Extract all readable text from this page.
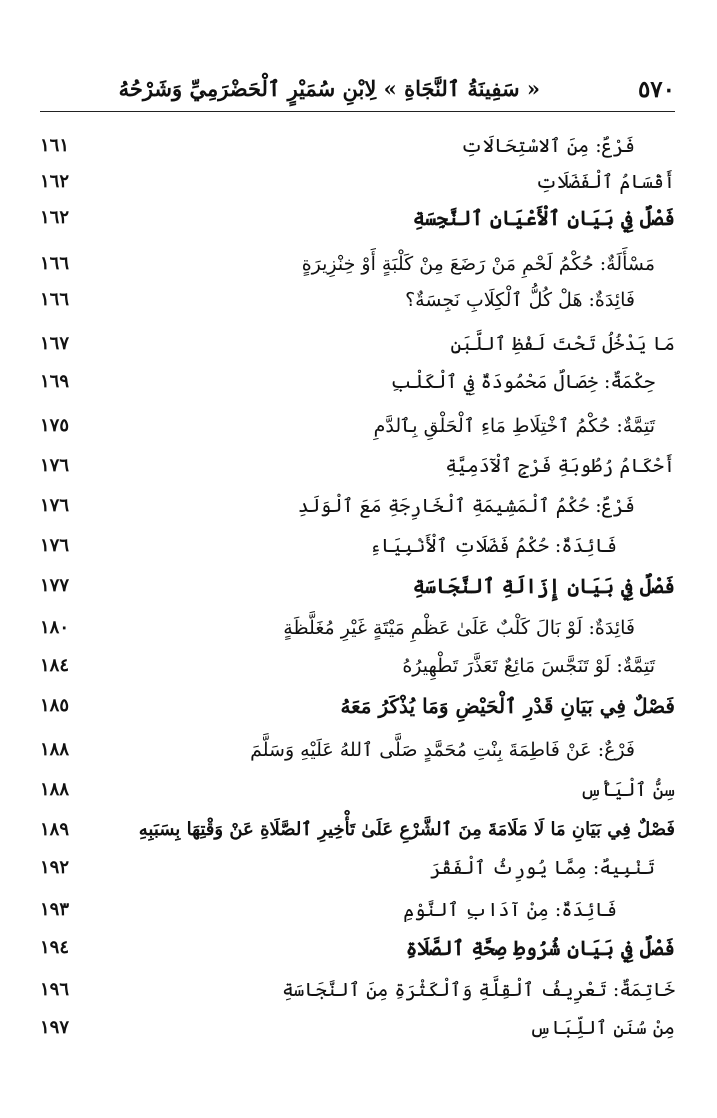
٥٧٠
« سَفِينَةُ ٱلنَّجَاةِ » لِابْنِ سُمَيْرٍ ٱلْحَضْرَمِيِّ وَشَرْحُهُ
فَرْعٌ: مِنَ ٱلاسْتِحَالَاتِ
١٦١
أَقْسَامُ ٱلْفَضَلَاتِ
١٦٢
فَصْلٌ فِي بَيَانِ ٱلْأَعْيَانِ ٱلنَّجِسَةِ
١٦٢
مَسْأَلَةٌ: حُكْمُ لَحْمِ مَنْ رَضَعَ مِنْ كَلْبَةٍ أَوْ خِنْزِيرَةٍ
١٦٦
فَائِدَةٌ: هَلْ كُلُّ ٱلْكِلَابِ نَجِسَةٌ؟
١٦٦
مَا يَدْخُلُ تَحْتَ لَفْظِ ٱللَّبَنِ
١٦٧
حِكْمَةٌ: خِصَالٌ مَحْمُودَةٌ فِي ٱلْكَلْبِ
١٦٩
تَتِمَّةٌ: حُكْمُ ٱخْتِلَاطِ مَاءِ ٱلْحَلْقِ بِٱلدَّمِ
١٧٥
أَحْكَامُ رُطُوبَةِ فَرْجِ ٱلْآدَمِيَّةِ
١٧٦
فَرْعٌ: حُكْمُ ٱلْمَشِيمَةِ ٱلْخَارِجَةِ مَعَ ٱلْوَلَدِ
١٧٦
فَائِدَةٌ: حُكْمُ فَضَلَاتِ ٱلْأَنْبِيَاءِ
١٧٦
فَصْلٌ فِي بَيَانِ إِزَالَةِ ٱلنَّجَاسَةِ
١٧٧
فَائِدَةٌ: لَوْ بَالَ كَلْبٌ عَلَىٰ عَظْمِ مَيْتَةٍ غَيْرِ مُغَلَّظَةٍ
١٨٠
تَتِمَّةٌ: لَوْ تَنَجَّسَ مَائِعٌ تَعَذَّرَ تَطْهِيرُهُ
١٨٤
فَصْلٌ فِي بَيَانِ قَدْرِ ٱلْحَيْضِ وَمَا يُذْكَرُ مَعَهُ
١٨٥
فَرْعٌ: عَنْ فَاطِمَةَ بِنْتِ مُحَمَّدٍ صَلَّى ٱللهُ عَلَيْهِ وَسَلَّمَ
١٨٨
سِنُّ ٱلْيَأْسِ
١٨٨
فَصْلٌ فِي بَيَانِ مَا لَا مَلَامَةَ مِنَ ٱلشَّرْعِ عَلَىٰ تَأْخِيرِ ٱلصَّلَاةِ عَنْ وَقْتِهَا بِسَبَبِهِ
١٨٩
تَنْبِيهٌ: مِمَّا يُورِثُ ٱلْفَقْرَ
١٩٢
فَائِدَةٌ: مِنْ آدَابِ ٱلنَّوْمِ
١٩٣
فَصْلٌ فِي بَيَانِ شُرُوطِ صِحَّةِ ٱلصَّلَاةِ
١٩٤
خَاتِمَةٌ: تَعْرِيفُ ٱلْقِلَّةِ وَٱلْكَثْرَةِ مِنَ ٱلنَّجَاسَةِ
١٩٦
مِنْ سُنَنِ ٱللِّبَاسِ
١٩٧
